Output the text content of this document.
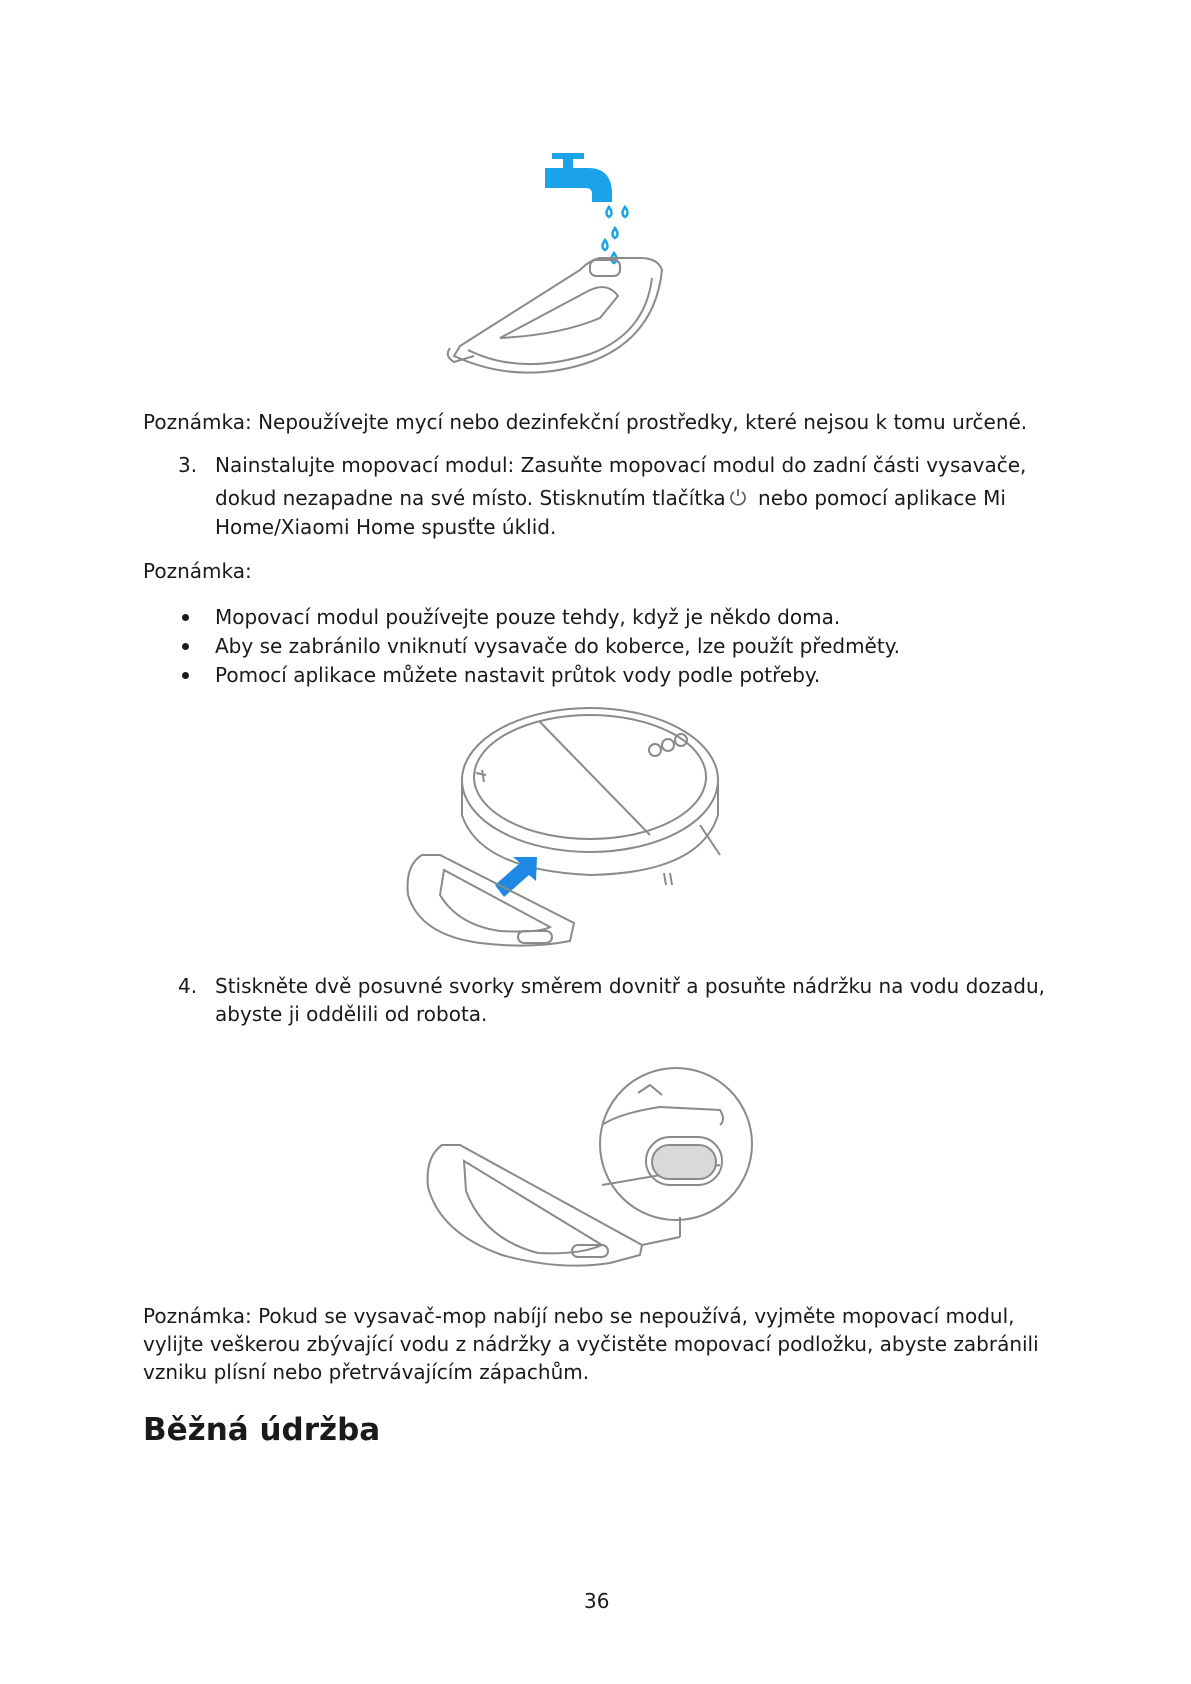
Poznámka: Nepoužívejte mycí nebo dezinfekční prostředky, které nejsou k tomu určené.
3. Nainstalujte mopovací modul: Zasuňte mopovací modul do zadní části vysavače,
dokud nezapadne na své místo. Stisknutím tlačítka nebo pomocí aplikace Mi
Home/Xiaomi Home spusťte úklid.
Poznámka:
Mopovací modul používejte pouze tehdy, když je někdo doma.
Aby se zabránilo vniknutí vysavače do koberce, lze použít předměty.
Pomocí aplikace můžete nastavit průtok vody podle potřeby.
4. Stiskněte dvě posuvné svorky směrem dovnitř a posuňte nádržku na vodu dozadu,
abyste ji oddělili od robota.
Poznámka: Pokud se vysavač-mop nabíjí nebo se nepoužívá, vyjměte mopovací modul,
vylijte veškerou zbývající vodu z nádržky a vyčistěte mopovací podložku, abyste zabránili
vzniku plísní nebo přetrvávajícím zápachům.
Běžná údržba
36
